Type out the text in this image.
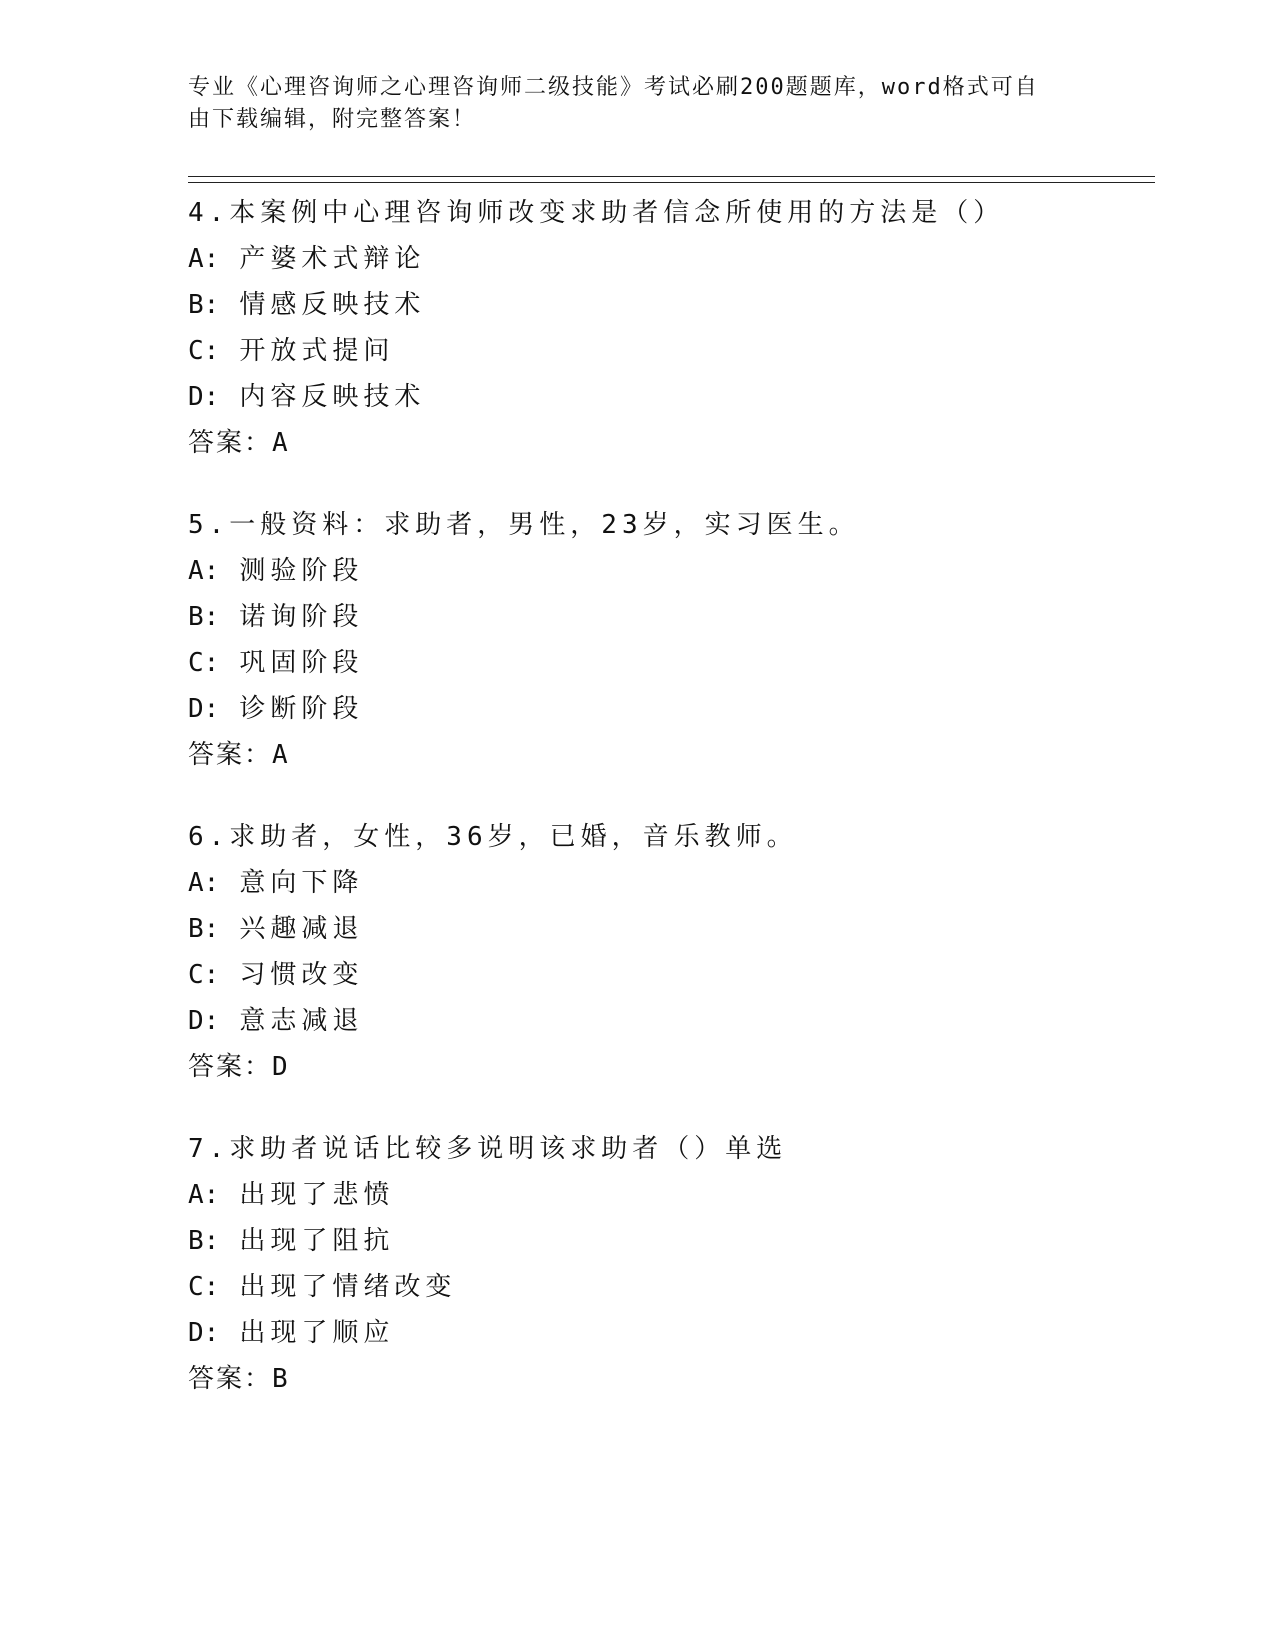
专业《心理咨询师之心理咨询师二级技能》考试必刷200题题库，word格式可自
由下载编辑，附完整答案！
4.本案例中心理咨询师改变求助者信念所使用的方法是（）
A: 产婆术式辩论
B: 情感反映技术
C: 开放式提问
D: 内容反映技术
答案：A
5.一般资料：求助者，男性，23岁，实习医生。
A: 测验阶段
B: 诺询阶段
C: 巩固阶段
D: 诊断阶段
答案：A
6.求助者，女性，36岁，已婚，音乐教师。
A: 意向下降
B: 兴趣减退
C: 习惯改变
D: 意志减退
答案：D
7.求助者说话比较多说明该求助者（）单选
A: 出现了悲愤
B: 出现了阻抗
C: 出现了情绪改变
D: 出现了顺应
答案：B
